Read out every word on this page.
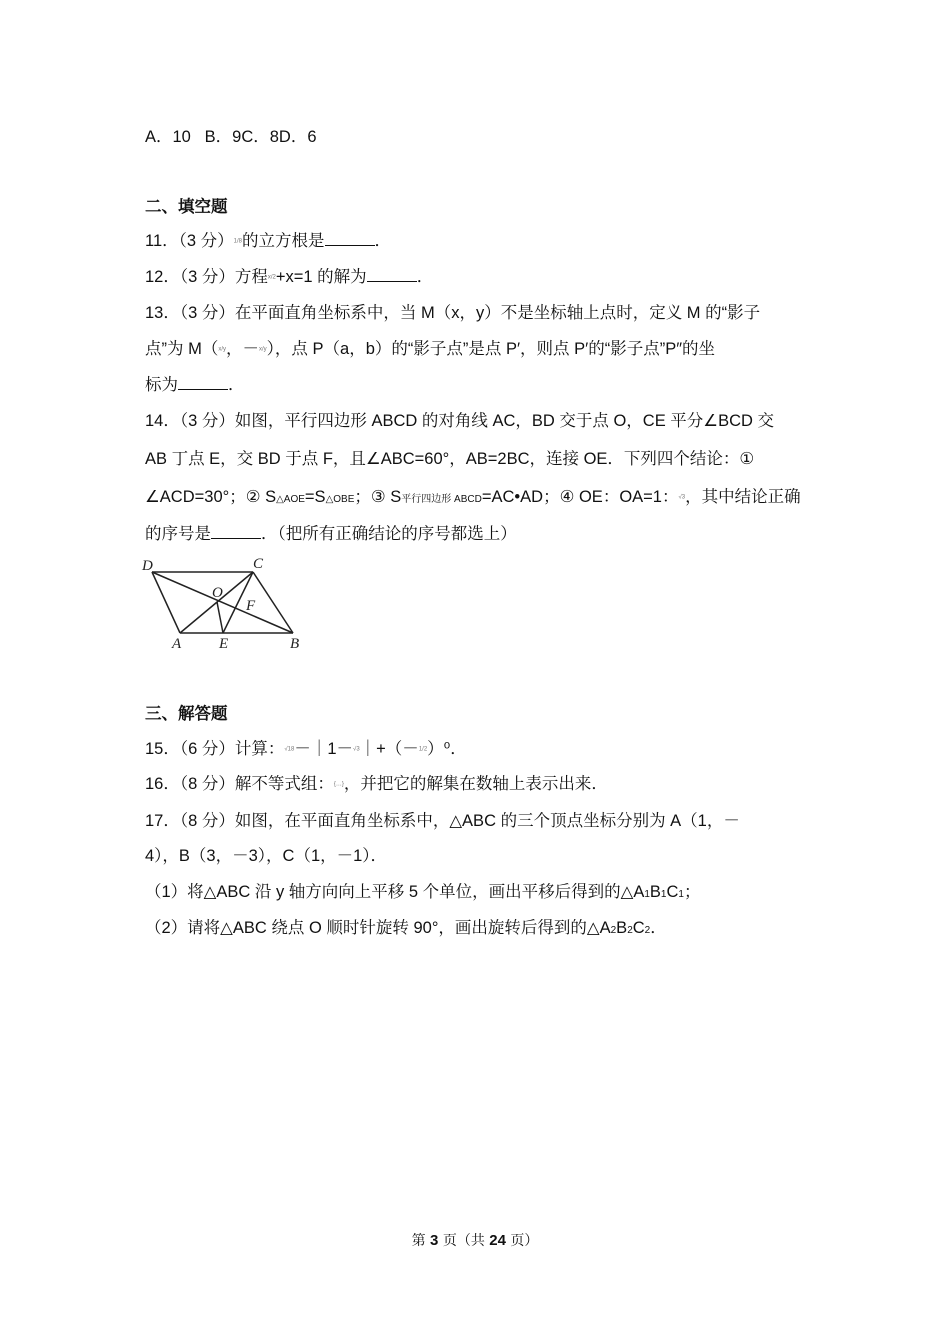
A．10 B．9C．8D．6
二、填空题
11．（3 分）1/8的立方根是	．
12．（3 分）方程x/2+x=1 的解为	．
13．（3 分）在平面直角坐标系中，当 M（x，y）不是坐标轴上点时，定义 M 的“影子
点”为 M（x/y，－x/y），点 P（a，b）的“影子点”是点 P′，则点 P′的“影子点”P″的坐
标为	．
14．（3 分）如图，平行四边形 ABCD 的对角线 AC，BD 交于点 O，CE 平分∠BCD 交
AB 丁点 E，交 BD 于点 F，且∠ABC=60°，AB=2BC，连接 OE．下列四个结论：①
∠ACD=30°；② S△AOE=S△OBE；③ S平行四边形 ABCD=AC•AD；④ OE：OA=1：√3，其中结论正确
的序号是	．（把所有正确结论的序号都选上）
D	C
O
F
A	E	B
三、解答题
15．（6 分）计算：√18－｜1－√3｜+（－1/2）⁰．
16．（8 分）解不等式组：{…}，并把它的解集在数轴上表示出来．
17．（8 分）如图，在平面直角坐标系中，△ABC 的三个顶点坐标分别为 A（1，－
4），B（3，－3），C（1，－1）．
（1）将△ABC 沿 y 轴方向向上平移 5 个单位，画出平移后得到的△A1B1C1；
（2）请将△ABC 绕点 O 顺时针旋转 90°，画出旋转后得到的△A2B2C2．
第 3 页（共 24 页）
